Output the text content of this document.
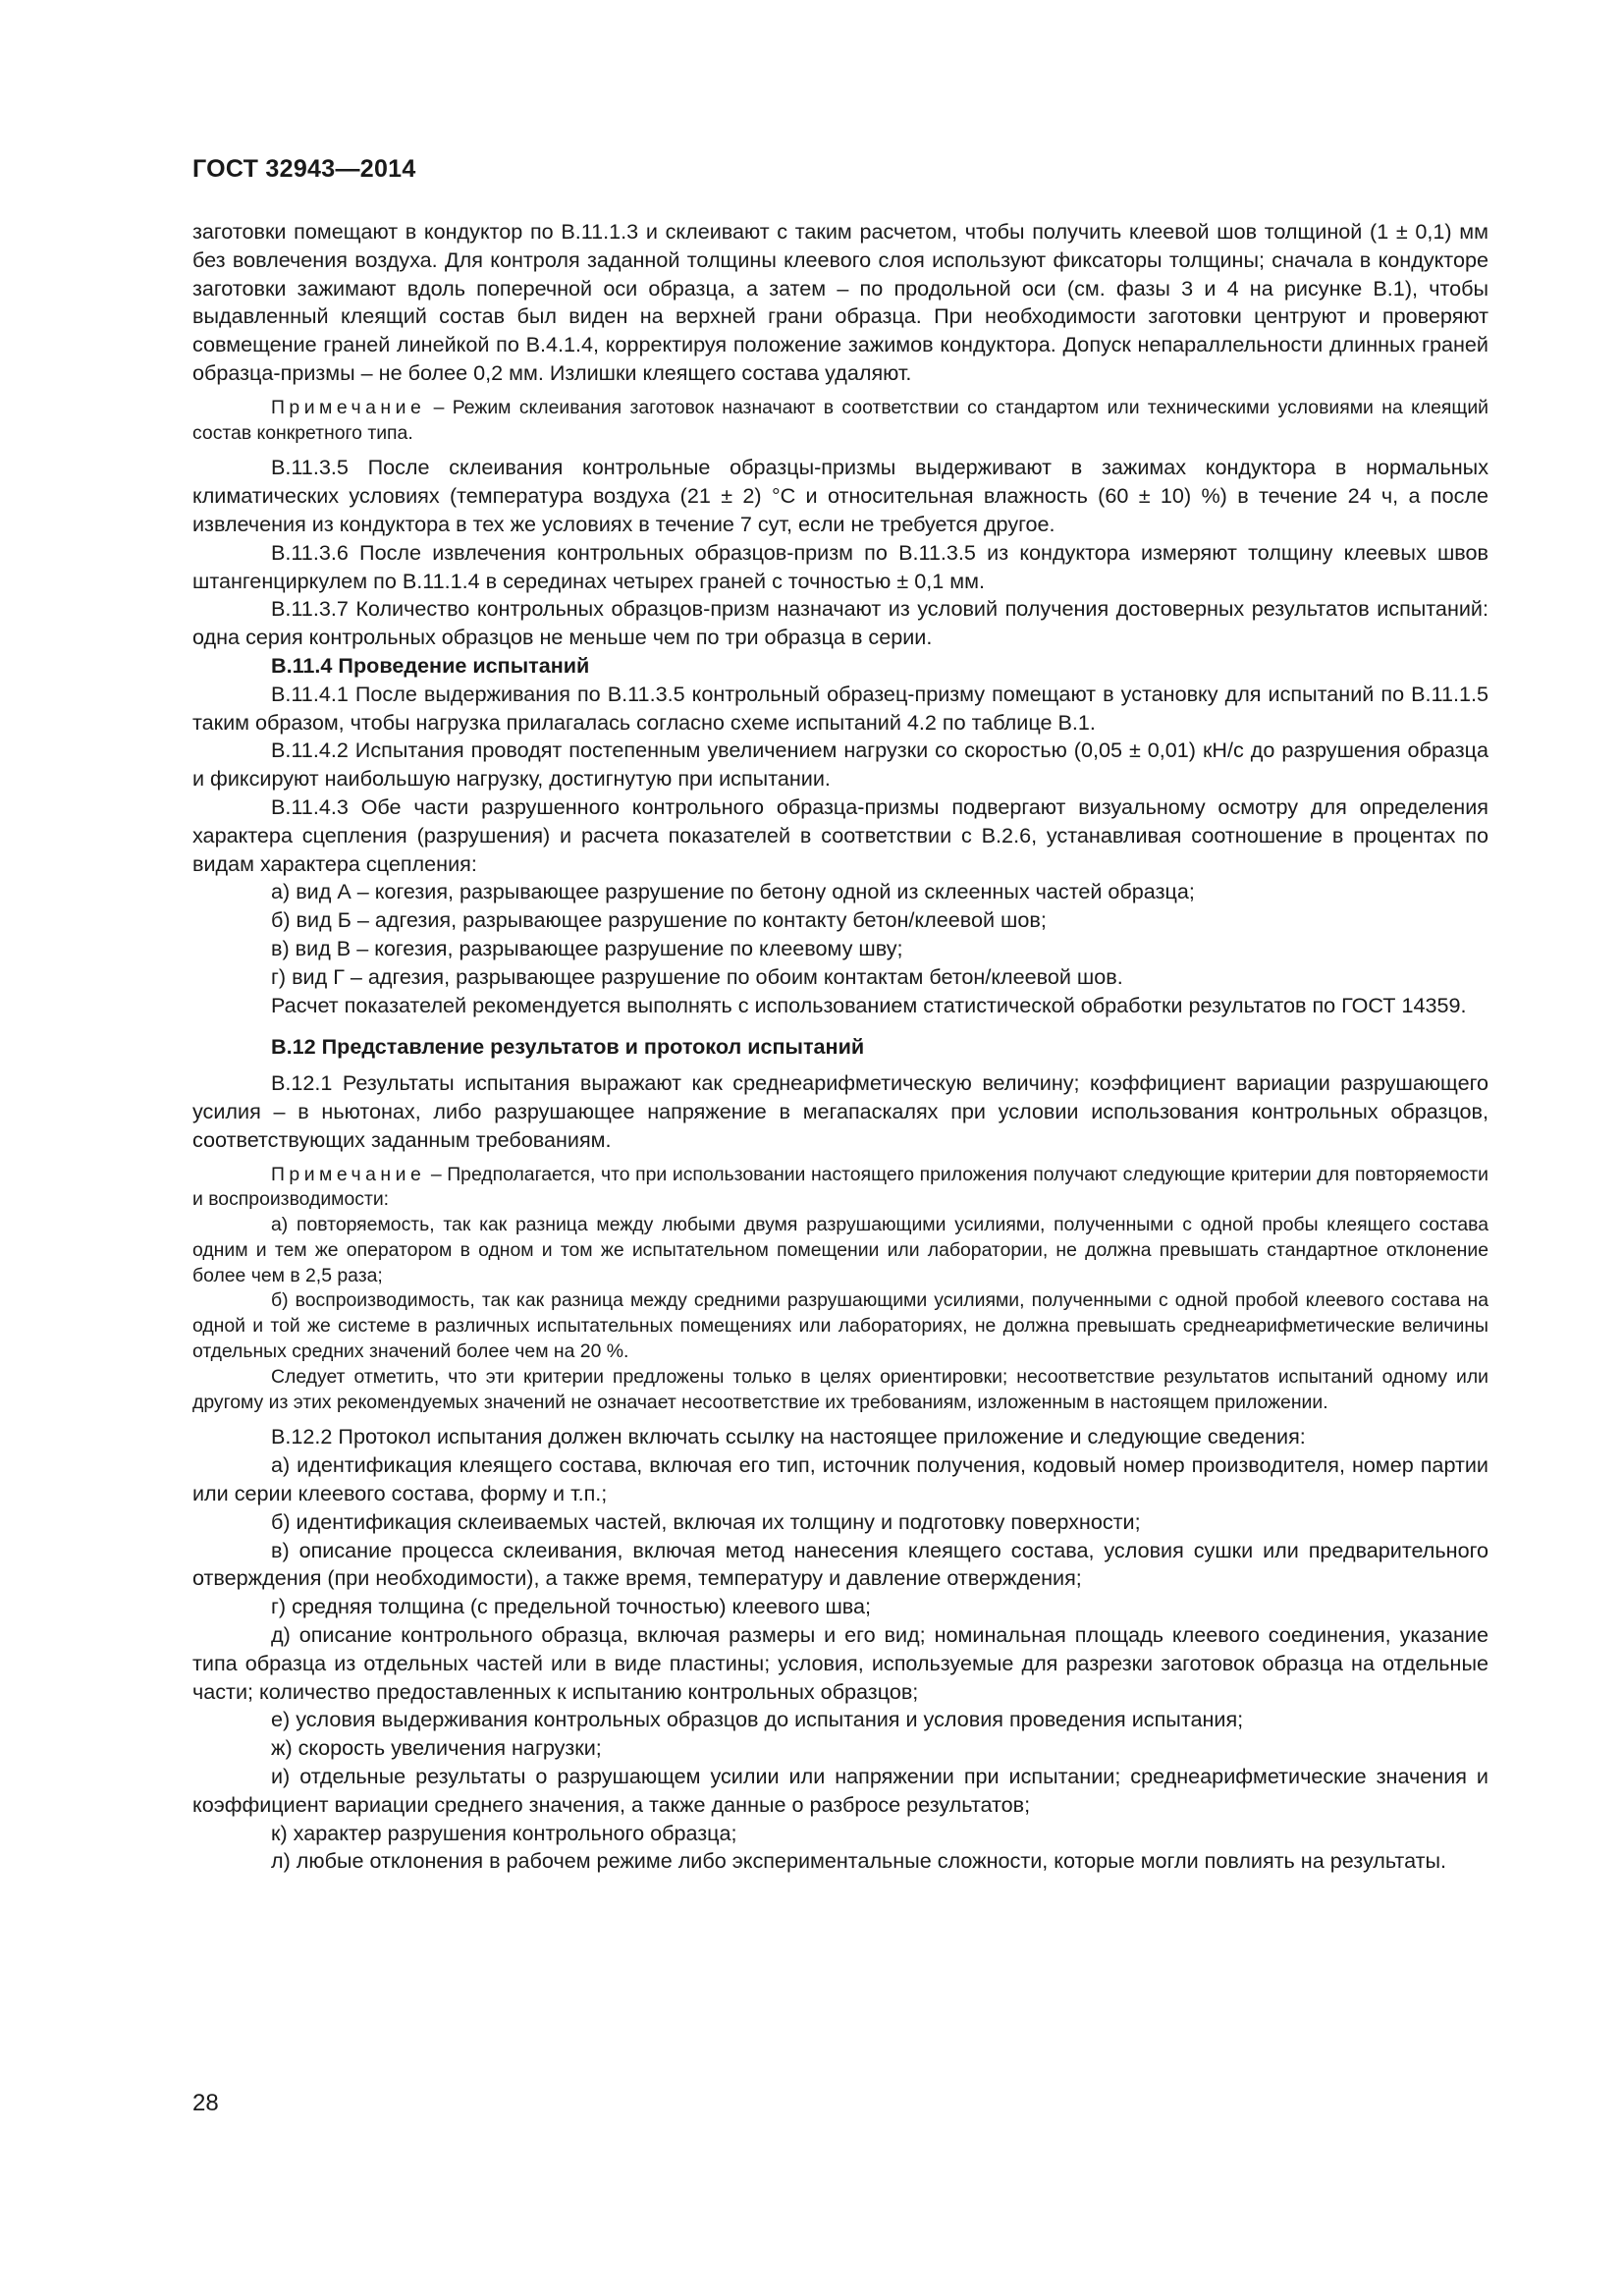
ГОСТ 32943—2014

заготовки помещают в кондуктор по В.11.1.3 и склеивают с таким расчетом, чтобы получить клеевой шов толщиной (1 ± 0,1) мм без вовлечения воздуха. Для контроля заданной толщины клеевого слоя используют фиксаторы толщины; сначала в кондукторе заготовки зажимают вдоль поперечной оси образца, а затем – по продольной оси (см. фазы 3 и 4 на рисунке В.1), чтобы выдавленный клеящий состав был виден на верхней грани образца. При необходимости заготовки центруют и проверяют совмещение граней линейкой по В.4.1.4, корректируя положение зажимов кондуктора. Допуск непараллельности длинных граней образца-призмы – не более 0,2 мм. Излишки клеящего состава удаляют.

Примечание – Режим склеивания заготовок назначают в соответствии со стандартом или техническими условиями на клеящий состав конкретного типа.

В.11.3.5 После склеивания контрольные образцы-призмы выдерживают в зажимах кондуктора в нормальных климатических условиях (температура воздуха (21 ± 2) °С и относительная влажность (60 ± 10) %) в течение 24 ч, а после извлечения из кондуктора в тех же условиях в течение 7 сут, если не требуется другое.

В.11.3.6 После извлечения контрольных образцов-призм по В.11.3.5 из кондуктора измеряют толщину клеевых швов штангенциркулем по В.11.1.4 в серединах четырех граней с точностью ± 0,1 мм.

В.11.3.7 Количество контрольных образцов-призм назначают из условий получения достоверных результатов испытаний: одна серия контрольных образцов не меньше чем по три образца в серии.

В.11.4 Проведение испытаний

В.11.4.1 После выдерживания по В.11.3.5 контрольный образец-призму помещают в установку для испытаний по В.11.1.5 таким образом, чтобы нагрузка прилагалась согласно схеме испытаний 4.2 по таблице В.1.

В.11.4.2 Испытания проводят постепенным увеличением нагрузки со скоростью (0,05 ± 0,01) кН/с до разрушения образца и фиксируют наибольшую нагрузку, достигнутую при испытании.

В.11.4.3 Обе части разрушенного контрольного образца-призмы подвергают визуальному осмотру для определения характера сцепления (разрушения) и расчета показателей в соответствии с В.2.6, устанавливая соотношение в процентах по видам характера сцепления:

а) вид А – когезия, разрывающее разрушение по бетону одной из склеенных частей образца;

б) вид Б – адгезия, разрывающее разрушение по контакту бетон/клеевой шов;

в) вид В – когезия, разрывающее разрушение по клеевому шву;

г) вид Г – адгезия, разрывающее разрушение по обоим контактам бетон/клеевой шов.

Расчет показателей рекомендуется выполнять с использованием статистической обработки результатов по ГОСТ 14359.

В.12 Представление результатов и протокол испытаний

В.12.1 Результаты испытания выражают как среднеарифметическую величину; коэффициент вариации разрушающего усилия – в ньютонах, либо разрушающее напряжение в мегапаскалях при условии использования контрольных образцов, соответствующих заданным требованиям.

Примечание – Предполагается, что при использовании настоящего приложения получают следующие критерии для повторяемости и воспроизводимости:

а) повторяемость, так как разница между любыми двумя разрушающими усилиями, полученными с одной пробы клеящего состава одним и тем же оператором в одном и том же испытательном помещении или лаборатории, не должна превышать стандартное отклонение более чем в 2,5 раза;

б) воспроизводимость, так как разница между средними разрушающими усилиями, полученными с одной пробой клеевого состава на одной и той же системе в различных испытательных помещениях или лабораториях, не должна превышать среднеарифметические величины отдельных средних значений более чем на 20 %.

Следует отметить, что эти критерии предложены только в целях ориентировки; несоответствие результатов испытаний одному или другому из этих рекомендуемых значений не означает несоответствие их требованиям, изложенным в настоящем приложении.

В.12.2 Протокол испытания должен включать ссылку на настоящее приложение и следующие сведения:

а) идентификация клеящего состава, включая его тип, источник получения, кодовый номер производителя, номер партии или серии клеевого состава, форму и т.п.;

б) идентификация склеиваемых частей, включая их толщину и подготовку поверхности;

в) описание процесса склеивания, включая метод нанесения клеящего состава, условия сушки или предварительного отверждения (при необходимости), а также время, температуру и давление отверждения;

г) средняя толщина (с предельной точностью) клеевого шва;

д) описание контрольного образца, включая размеры и его вид; номинальная площадь клеевого соединения, указание типа образца из отдельных частей или в виде пластины; условия, используемые для разрезки заготовок образца на отдельные части; количество предоставленных к испытанию контрольных образцов;

е) условия выдерживания контрольных образцов до испытания и условия проведения испытания;

ж) скорость увеличения нагрузки;

и) отдельные результаты о разрушающем усилии или напряжении при испытании; среднеарифметические значения и коэффициент вариации среднего значения, а также данные о разбросе результатов;

к) характер разрушения контрольного образца;

л) любые отклонения в рабочем режиме либо экспериментальные сложности, которые могли повлиять на результаты.

28
